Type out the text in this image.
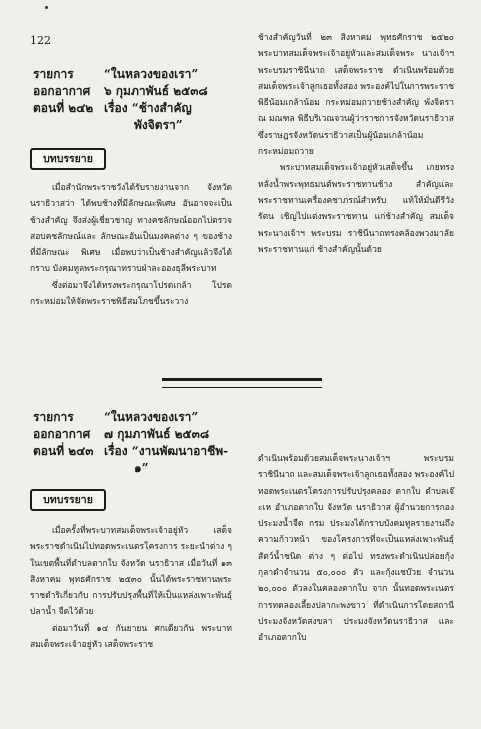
122
รายการ
ออกอากาศ
ตอนที่ ๒๔๒
“ในหลวงของเรา”
๖ กุมภาพันธ์ ๒๕๓๘
เรื่อง “ช้างสำคัญ
พังจิตรา”
บทบรรยาย

เมื่อสำนักพระราชวังได้รับรายงานจาก จังหวัดนราธิวาสว่า ได้พบช้างที่มีลักษณะพิเศษ อันอาจจะเป็นช้างสำคัญ จึงส่งผู้เชี่ยวชาญ ทางคชลักษณ์ออกไปตรวจสอบคชลักษณ์และ ลักษณะอันเป็นมงคลต่าง ๆ ของช้างที่มีลักษณะ พิเศษ เมื่อพบว่าเป็นช้างสำคัญแล้วจึงได้กราบ บังคมทูลพระกรุณาทราบฝ่าละอองธุลีพระบาท

ซึ่งต่อมาจึงได้ทรงพระกรุณาโปรดเกล้า โปรดกระหม่อมให้จัดพระราชพิธีสมโภชขึ้นระวาง

ช้างสำคัญวันที่ ๒๓ สิงหาคม พุทธศักราช ๒๕๒๐ พระบาทสมเด็จพระเจ้าอยู่หัวและสมเด็จพระ นางเจ้าฯ พระบรมราชินีนาถ เสด็จพระราช ดำเนินพร้อมด้วยสมเด็จพระเจ้าลูกเธอทั้งสอง พระองค์ไปในการพระราชพิธีน้อมเกล้าน้อม กระหม่อมถวายช้างสำคัญ พังจิตรา ณ มณฑล พิธีบริเวณจวนผู้ว่าราชการจังหวัดนราธิวาส ซึ่งราษฎรจังหวัดนราธิวาสเป็นผู้น้อมเกล้าน้อม กระหม่อมถวาย

พระบาทสมเด็จพระเจ้าอยู่หัวเสด็จขึ้น เกยทรงหลั่งน้ำพระพุทธมนต์พระราชทานช้าง สำคัญและพระราชทานเครื่องคชาภรณ์สำหรับ แท้ให้มั่นดีรีวังรัตน เชิญไปแต่งพระราชทาน แก่ช้างสำคัญ สมเด็จพระนางเจ้าฯ พระบรม ราชินีนาถทรงคล้องพวงมาลัยพระราชทานแก่ ช้างสำคัญนั้นด้วย

รายการ
ออกอากาศ
ตอนที่ ๒๔๓
“ในหลวงของเรา”
๗ กุมภาพันธ์ ๒๕๓๘
เรื่อง “งานพัฒนาอาชีพ-
๑”
บทบรรยาย

เมื่อครั้งที่พระบาทสมเด็จพระเจ้าอยู่หัว เสด็จพระราชดำเนินไปทอดพระเนตรโครงการ ระยะนำต่าง ๆ ในเขตพื้นที่ตำบลตากใบ จังหวัด นราธิวาส เมื่อวันที่ ๑๓ สิงหาคม พุทธศักราช ๒๕๓๐ นั้นได้พระราชทานพระราชดำริเกี่ยวกับ การปรับปรุงพื้นที่ให้เป็นแหล่งเพาะพันธุ์ปลาน้ำ จืดไว้ด้วย

ต่อมาวันที่ ๑๔ กันยายน ศกเดียวกัน พระบาทสมเด็จพระเจ้าอยู่หัว เสด็จพระราช

ดำเนินพร้อมด้วยสมเด็จพระนางเจ้าฯ พระบรม ราชินีนาถ และสมเด็จพระเจ้าลูกเธอทั้งสอง พระองค์ไปทอดพระเนตรโครงการปรับปรุงคลอง ตากใบ ตำบลเจ๊ะเห อำเภอตากใบ จังหวัด นราธิวาส ผู้อำนวยการกองประมงน้ำจืด กรม ประมงได้กราบบังคมทูลรายงานถึงความก้าวหน้า ของโครงการที่จะเป็นแหล่งเพาะพันธุ์สัตว์น้ำชนิด ต่าง ๆ ต่อไป ทรงพระดำเนินปล่อยกุ้งกุลาดำจำนวน ๕๐,๐๐๐ ตัว และกุ้งแชบ๊วย จำนวน ๒๐,๐๐๐ ตัวลงในคลองตากใบ จาก นั้นทอดพระเนตรการทดลองเลี้ยงปลากะพงขาว ที่ดำเนินการโดยสถานีประมงจังหวัดสงขลา ประมงจังหวัดนราธิวาส และอำเภอตากใบ
